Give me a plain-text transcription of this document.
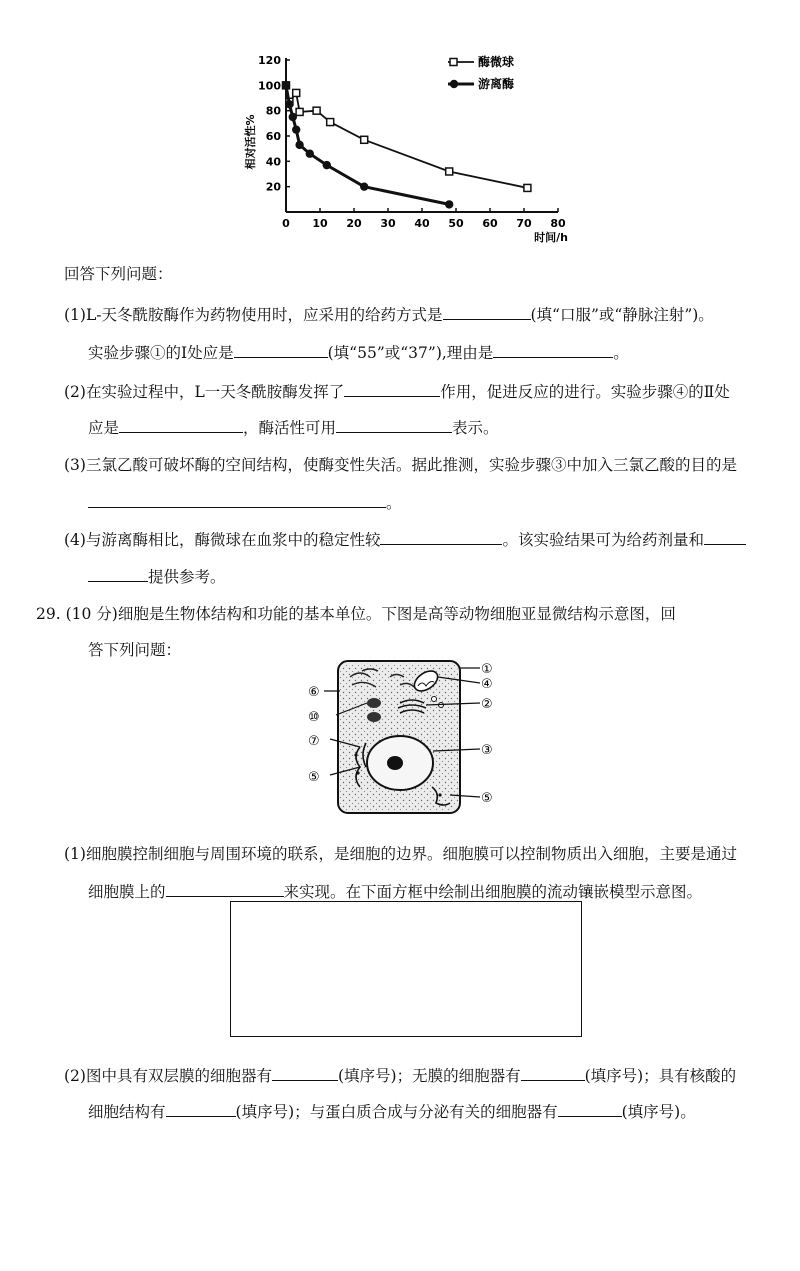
0 10 20 30 40 50 60 70 80
120
100
80
60
40
20
时间/h
相对活性%
酶微球
游离酶
回答下列问题：
(1)L-天冬酰胺酶作为药物使用时，应采用的给药方式是	(填“口服”或“静脉注射”)。
实验步骤①的Ⅰ处应是	(填“55”或“37”),理由是	。
(2)在实验过程中，L一天冬酰胺酶发挥了	作用，促进反应的进行。实验步骤④的Ⅱ处
应是	，酶活性可用	表示。
(3)三氯乙酸可破坏酶的空间结构，使酶变性失活。据此推测，实验步骤③中加入三氯乙酸的目的是
。
(4)与游离酶相比，酶微球在血浆中的稳定性较	。该实验结果可为给药剂量和
提供参考。
29. (10 分)细胞是生物体结构和功能的基本单位。下图是高等动物细胞亚显微结构示意图，回
答下列问题：
①
④
②
③
⑤
⑥
⑩
⑦
⑤
(1)细胞膜控制细胞与周围环境的联系，是细胞的边界。细胞膜可以控制物质出入细胞，主要是通过
细胞膜上的	来实现。在下面方框中绘制出细胞膜的流动镶嵌模型示意图。
(2)图中具有双层膜的细胞器有	(填序号)；无膜的细胞器有	(填序号)；具有核酸的
细胞结构有	(填序号)；与蛋白质合成与分泌有关的细胞器有	(填序号)。
